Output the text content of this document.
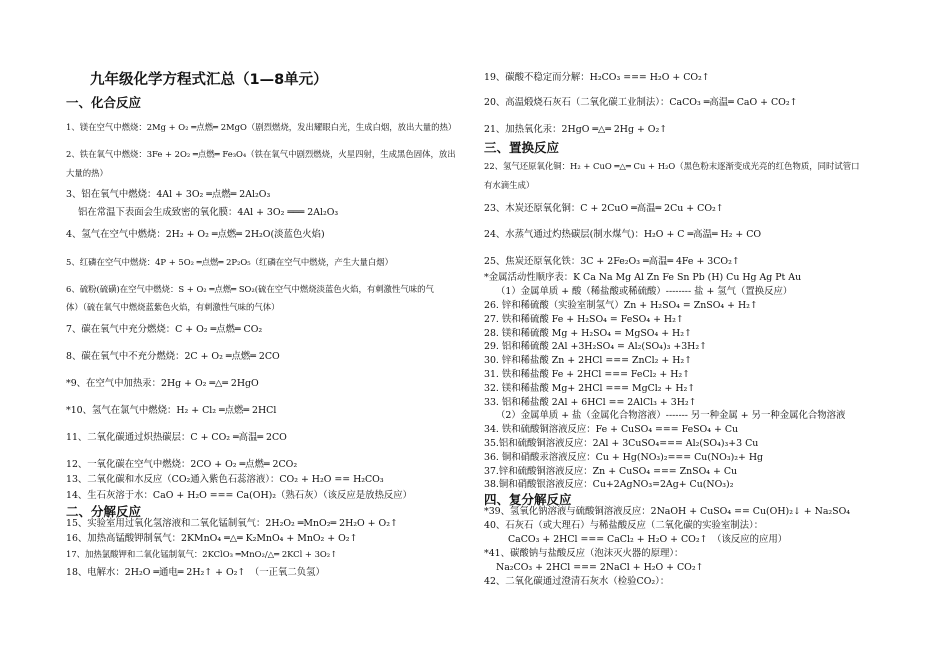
九年级化学方程式汇总（1—8单元）
一、化合反应
1、镁在空气中燃烧：2Mg + O₂ ═点燃═ 2MgO（剧烈燃烧，发出耀眼白光，生成白烟，放出大量的热）
2、铁在氧气中燃烧：3Fe + 2O₂ ═点燃═ Fe₃O₄（铁在氧气中剧烈燃烧，火星四射，生成黑色固体，放出
大量的热）
3、铝在氧气中燃烧：4Al + 3O₂ ═点燃═ 2Al₂O₃
铝在常温下表面会生成致密的氧化膜：4Al + 3O₂ ═══ 2Al₂O₃
4、氢气在空气中燃烧：2H₂ + O₂ ═点燃═ 2H₂O(淡蓝色火焰)
5、红磷在空气中燃烧：4P + 5O₂ ═点燃═ 2P₂O₅（红磷在空气中燃烧，产生大量白烟）
6、硫粉(硫磺)在空气中燃烧：S + O₂ ═点燃═ SO₂(硫在空气中燃烧淡蓝色火焰，有刺激性气味的气
体）（硫在氧气中燃烧蓝紫色火焰，有刺激性气味的气体）
7、碳在氧气中充分燃烧：C + O₂ ═点燃═ CO₂
8、碳在氧气中不充分燃烧：2C + O₂ ═点燃═ 2CO
*9、在空气中加热汞：2Hg + O₂ ═△═ 2HgO
*10、氢气在氯气中燃烧：H₂ + Cl₂ ═点燃═ 2HCl
11、二氧化碳通过炽热碳层：C + CO₂ ═高温═ 2CO
12、一氧化碳在空气中燃烧：2CO + O₂ ═点燃═ 2CO₂
13、二氧化碳和水反应（CO₂通入紫色石蕊溶液）：CO₂ + H₂O == H₂CO₃
14、生石灰溶于水：CaO + H₂O === Ca(OH)₂（熟石灰）（该反应是放热反应）
二、分解反应
15、实验室用过氧化氢溶液和二氧化锰制氧气：2H₂O₂ ═MnO₂═ 2H₂O + O₂↑
16、加热高锰酸钾制氧气：2KMnO₄ ═△═ K₂MnO₄ + MnO₂ + O₂↑
17、加热氯酸钾和二氧化锰制氧气：2KClO₃ ═MnO₂/△═ 2KCl + 3O₂↑
18、电解水：2H₂O ═通电═ 2H₂↑ + O₂↑　（一正氧二负氢）
19、碳酸不稳定而分解：H₂CO₃ === H₂O + CO₂↑
20、高温煅烧石灰石（二氧化碳工业制法）：CaCO₃ ═高温═ CaO + CO₂↑
21、加热氧化汞：2HgO ═△═ 2Hg + O₂↑
三、置换反应
22、氢气还原氧化铜：H₂ + CuO ═△═ Cu + H₂O（黑色粉末逐渐变成光亮的红色物质，同时试管口
有水滴生成）
23、木炭还原氧化铜：C + 2CuO ═高温═ 2Cu + CO₂↑
24、水蒸气通过灼热碳层(制水煤气)：H₂O + C ═高温═ H₂ + CO
25、焦炭还原氧化铁：3C + 2Fe₂O₃ ═高温═ 4Fe + 3CO₂↑
*金属活动性顺序表：K Ca Na Mg Al Zn Fe Sn Pb (H) Cu Hg Ag Pt Au
（1）金属单质 + 酸（稀盐酸或稀硫酸）-------- 盐 + 氢气（置换反应）
26. 锌和稀硫酸（实验室制氢气）Zn + H₂SO₄ = ZnSO₄ + H₂↑
27. 铁和稀硫酸 Fe + H₂SO₄ = FeSO₄ + H₂↑
28. 镁和稀硫酸 Mg + H₂SO₄ = MgSO₄ + H₂↑
29. 铝和稀硫酸 2Al +3H₂SO₄ = Al₂(SO₄)₃ +3H₂↑
30. 锌和稀盐酸 Zn + 2HCl === ZnCl₂ + H₂↑
31. 铁和稀盐酸 Fe + 2HCl === FeCl₂ + H₂↑
32. 镁和稀盐酸 Mg+ 2HCl === MgCl₂ + H₂↑
33. 铝和稀盐酸 2Al + 6HCl == 2AlCl₃ + 3H₂↑
（2）金属单质 + 盐（金属化合物溶液）------- 另一种金属 + 另一种金属化合物溶液
34. 铁和硫酸铜溶液反应：Fe + CuSO₄ === FeSO₄ + Cu
35.铝和硫酸铜溶液反应：2Al + 3CuSO₄=== Al₂(SO₄)₃+3 Cu
36. 铜和硝酸汞溶液反应：Cu + Hg(NO₃)₂=== Cu(NO₃)₂+ Hg
37.锌和硫酸铜溶液反应：Zn + CuSO₄ === ZnSO₄ + Cu
38.铜和硝酸银溶液反应：Cu+2AgNO₃=2Ag+ Cu(NO₃)₂
四、复分解反应
*39、氢氧化钠溶液与硫酸铜溶液反应：2NaOH + CuSO₄ == Cu(OH)₂↓ + Na₂SO₄
40、石灰石（或大理石）与稀盐酸反应（二氧化碳的实验室制法）：
CaCO₃ + 2HCl === CaCl₂ + H₂O + CO₂↑　（该反应的应用）
*41、碳酸钠与盐酸反应（泡沫灭火器的原理）：
Na₂CO₃ + 2HCl === 2NaCl + H₂O + CO₂↑
42、二氧化碳通过澄清石灰水（检验CO₂）：
